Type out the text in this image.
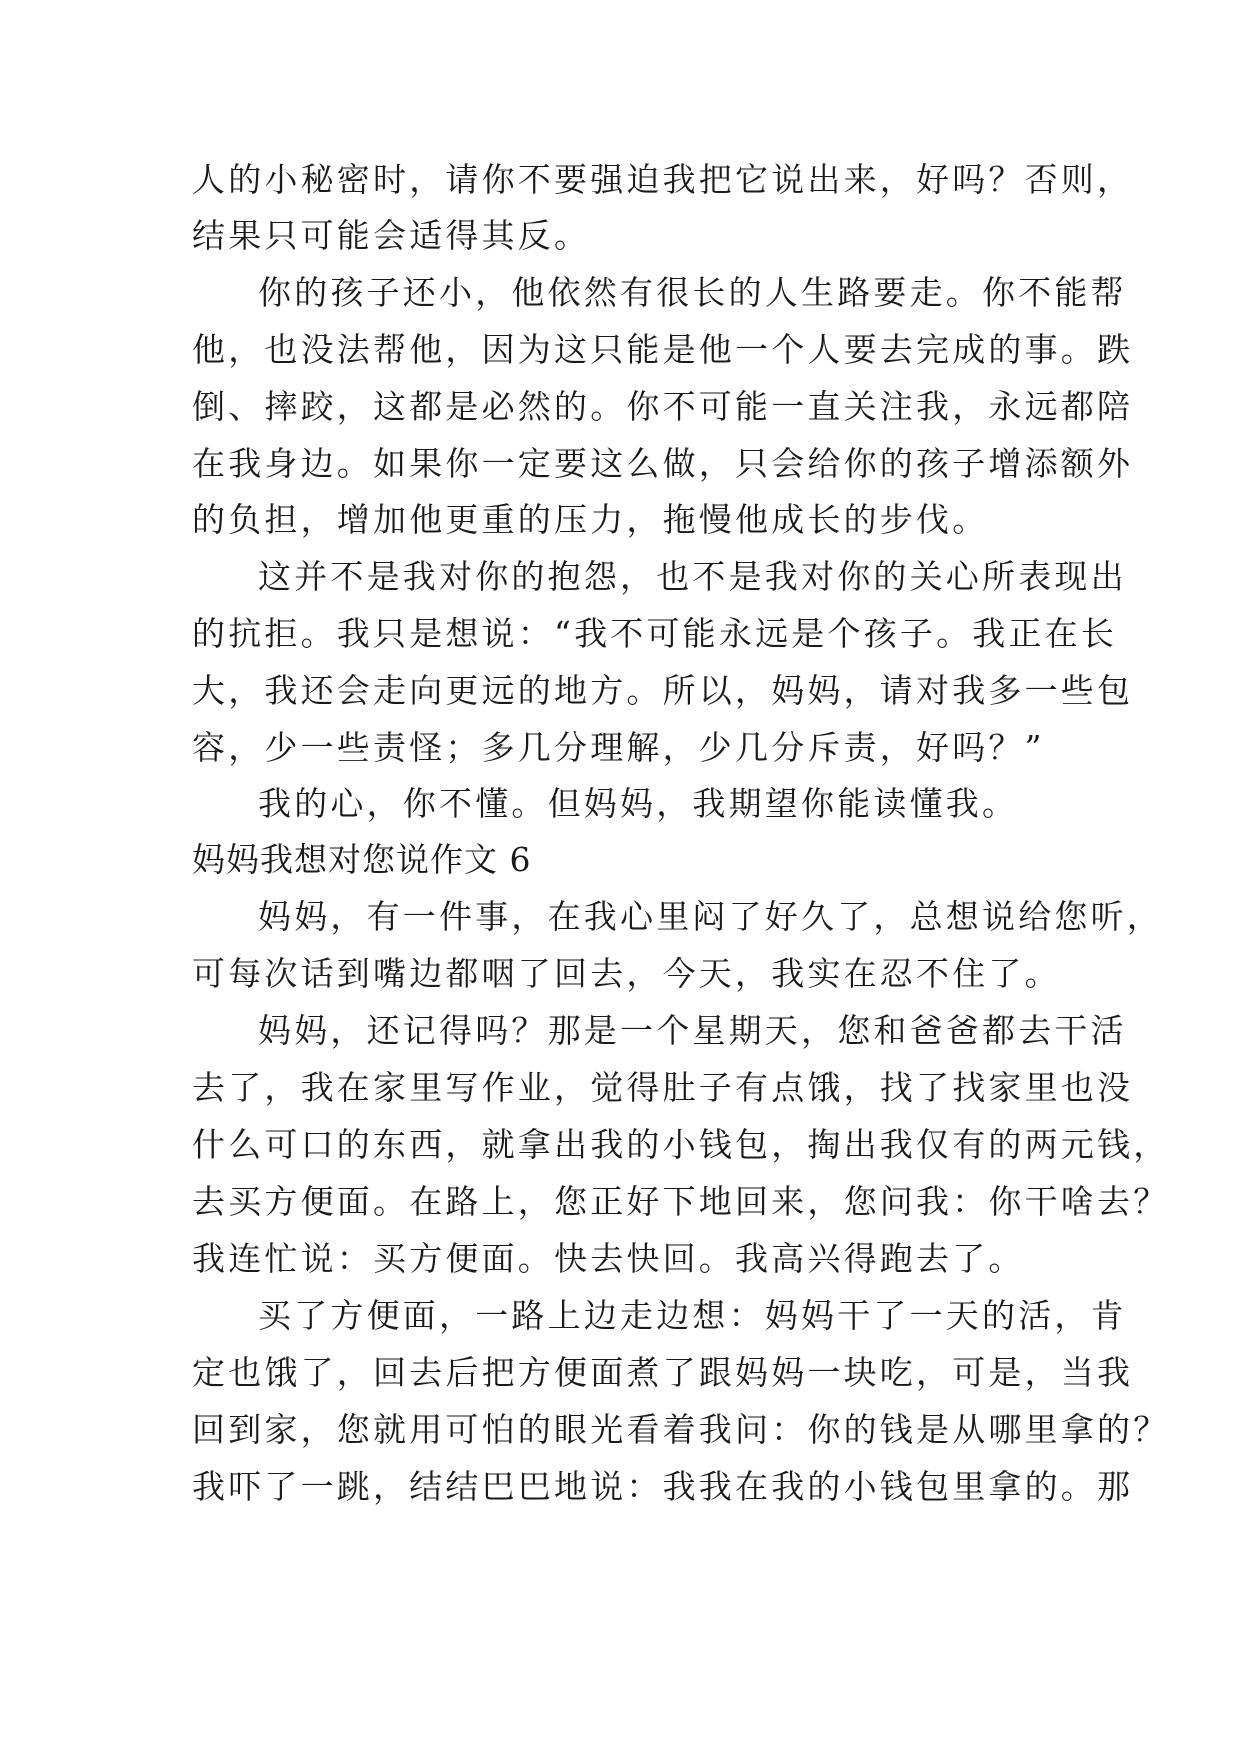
人的小秘密时，请你不要强迫我把它说出来，好吗？否则，
结果只可能会适得其反。
你的孩子还小，他依然有很长的人生路要走。你不能帮
他，也没法帮他，因为这只能是他一个人要去完成的事。跌
倒、摔跤，这都是必然的。你不可能一直关注我，永远都陪
在我身边。如果你一定要这么做，只会给你的孩子增添额外
的负担，增加他更重的压力，拖慢他成长的步伐。
这并不是我对你的抱怨，也不是我对你的关心所表现出
的抗拒。我只是想说：“我不可能永远是个孩子。我正在长
大，我还会走向更远的地方。所以，妈妈，请对我多一些包
容，少一些责怪；多几分理解，少几分斥责，好吗？”
我的心，你不懂。但妈妈，我期望你能读懂我。
妈妈我想对您说作文 6
妈妈，有一件事，在我心里闷了好久了，总想说给您听，
可每次话到嘴边都咽了回去，今天，我实在忍不住了。
妈妈，还记得吗？那是一个星期天，您和爸爸都去干活
去了，我在家里写作业，觉得肚子有点饿，找了找家里也没
什么可口的东西，就拿出我的小钱包，掏出我仅有的两元钱，
去买方便面。在路上，您正好下地回来，您问我：你干啥去？
我连忙说：买方便面。快去快回。我高兴得跑去了。
买了方便面，一路上边走边想：妈妈干了一天的活，肯
定也饿了，回去后把方便面煮了跟妈妈一块吃，可是，当我
回到家，您就用可怕的眼光看着我问：你的钱是从哪里拿的？
我吓了一跳，结结巴巴地说：我我在我的小钱包里拿的。那
